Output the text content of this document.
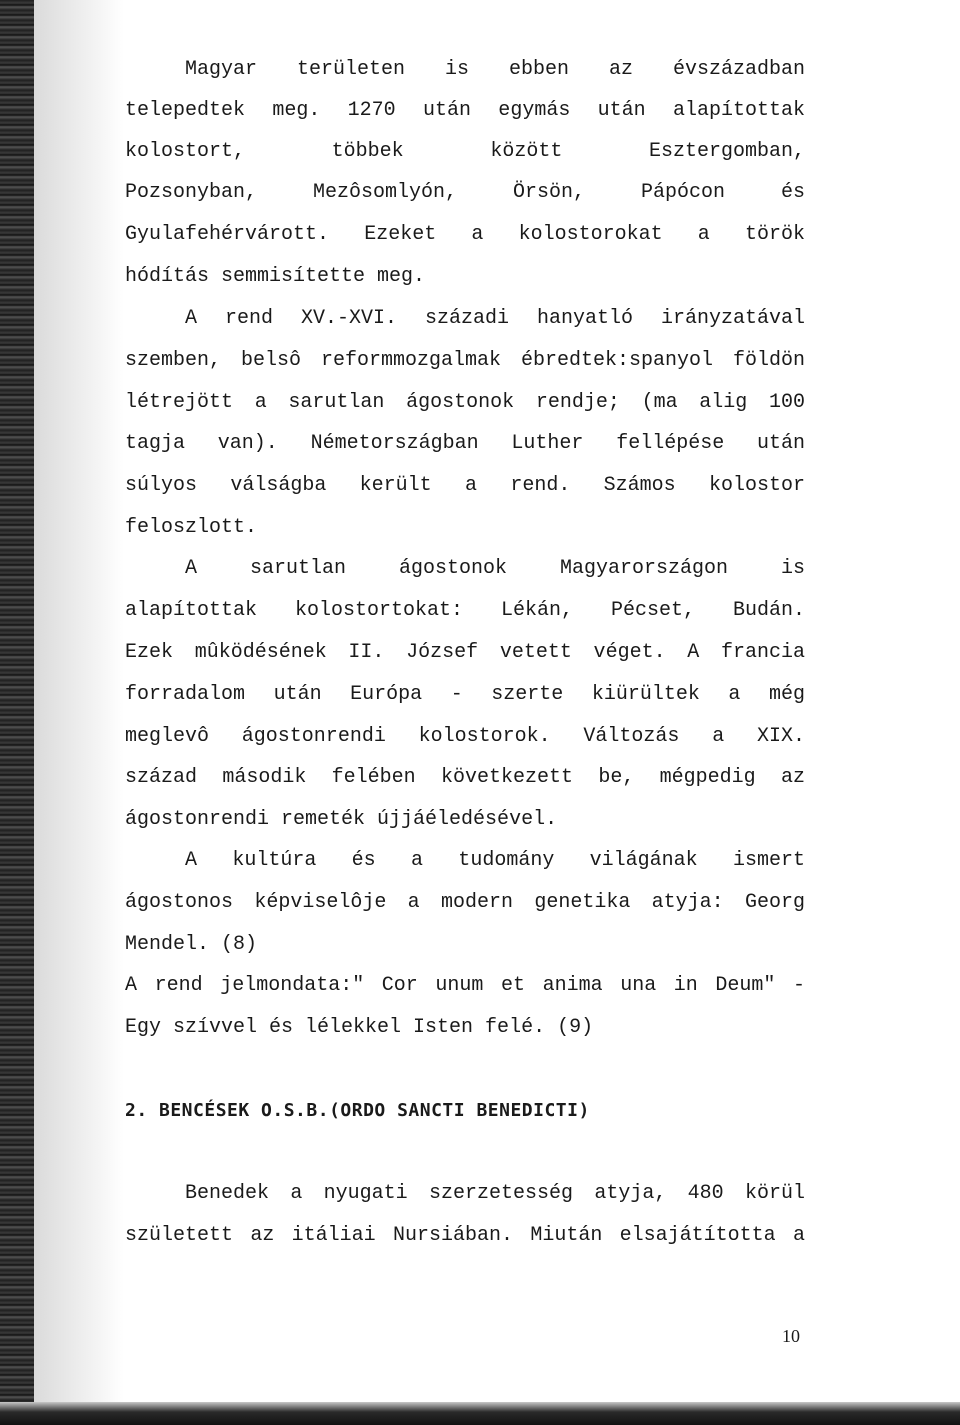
Magyar területen is ebben az évszázadban
telepedtek meg. 1270 után egymás után alapítottak
kolostort, többek között Esztergomban,
Pozsonyban, Mezôsomlyón, Örsön, Pápócon és
Gyulafehérvárott. Ezeket a kolostorokat a török
hódítás semmisítette meg.
A rend XV.-XVI. századi hanyatló irányzatával
szemben, belsô reformmozgalmak ébredtek:spanyol földön
létrejött a sarutlan ágostonok rendje; (ma alig 100
tagja van). Németországban Luther fellépése után
súlyos válságba került a rend. Számos kolostor
feloszlott.
A sarutlan ágostonok Magyarországon is
alapítottak kolostortokat: Lékán, Pécset, Budán.
Ezek mûködésének II. József vetett véget. A francia
forradalom után Európa - szerte kiürültek a még
meglevô ágostonrendi kolostorok. Változás a XIX.
század második felében következett be, mégpedig az
ágostonrendi remeték újjáéledésével.
A kultúra és a tudomány világának ismert
ágostonos képviselôje a modern genetika atyja: Georg
Mendel. (8)
A rend jelmondata:" Cor unum et anima una in Deum" -
Egy szívvel és lélekkel Isten felé. (9)
2. BENCÉSEK O.S.B.(ORDO SANCTI BENEDICTI)
Benedek a nyugati szerzetesség atyja, 480 körül
született az itáliai Nursiában. Miután elsajátította a
10
